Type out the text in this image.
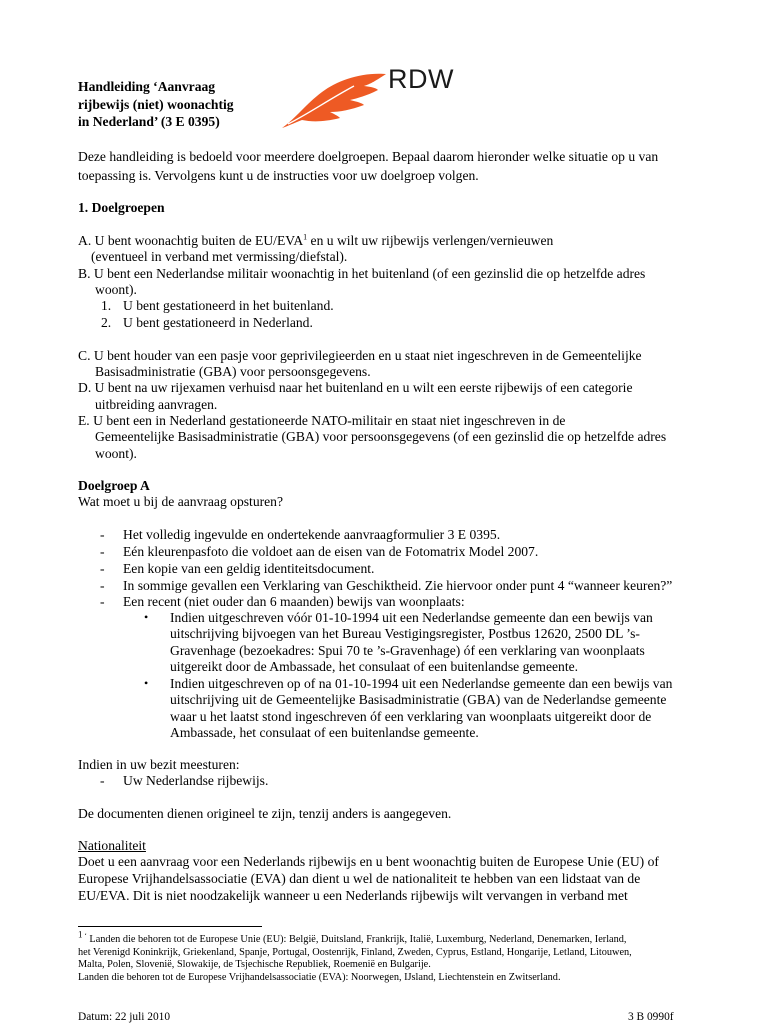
Handleiding ‘Aanvraag
rijbewijs (niet) woonachtig
in Nederland’ (3 E 0395)
RDW
Deze handleiding is bedoeld voor meerdere doelgroepen. Bepaal daarom hieronder welke situatie op u van
toepassing is. Vervolgens kunt u de instructies voor uw doelgroep volgen.
1. Doelgroepen
A. U bent woonachtig buiten de EU/EVA$^1$ en u wilt uw rijbewijs verlengen/vernieuwen
(eventueel in verband met vermissing/diefstal).
B. U bent een Nederlandse militair woonachtig in het buitenland (of een gezinslid die op hetzelfde adres
woont).
1. U bent gestationeerd in het buitenland.
2. U bent gestationeerd in Nederland.
C. U bent houder van een pasje voor geprivilegieerden en u staat niet ingeschreven in de Gemeentelijke
Basisadministratie (GBA) voor persoonsgegevens.
D. U bent na uw rijexamen verhuisd naar het buitenland en u wilt een eerste rijbewijs of een categorie
uitbreiding aanvragen.
E. U bent een in Nederland gestationeerde NATO-militair en staat niet ingeschreven in de
Gemeentelijke Basisadministratie (GBA) voor persoonsgegevens (of een gezinslid die op hetzelfde adres
woont).
Doelgroep A
Wat moet u bij de aanvraag opsturen?
- Het volledig ingevulde en ondertekende aanvraagformulier 3 E 0395.
- Eén kleurenpasfoto die voldoet aan de eisen van de Fotomatrix Model 2007.
- Een kopie van een geldig identiteitsdocument.
- In sommige gevallen een Verklaring van Geschiktheid. Zie hiervoor onder punt 4 “wanneer keuren?”
- Een recent (niet ouder dan 6 maanden) bewijs van woonplaats:
• Indien uitgeschreven vóór 01-10-1994 uit een Nederlandse gemeente dan een bewijs van
uitschrijving bijvoegen van het Bureau Vestigingsregister, Postbus 12620, 2500 DL ’s-
Gravenhage (bezoekadres: Spui 70 te ’s-Gravenhage) óf een verklaring van woonplaats
uitgereikt door de Ambassade, het consulaat of een buitenlandse gemeente.
• Indien uitgeschreven op of na 01-10-1994 uit een Nederlandse gemeente dan een bewijs van
uitschrijving uit de Gemeentelijke Basisadministratie (GBA) van de Nederlandse gemeente
waar u het laatst stond ingeschreven óf een verklaring van woonplaats uitgereikt door de
Ambassade, het consulaat of een buitenlandse gemeente.
Indien in uw bezit meesturen:
- Uw Nederlandse rijbewijs.
De documenten dienen origineel te zijn, tenzij anders is aangegeven.
Nationaliteit
Doet u een aanvraag voor een Nederlands rijbewijs en u bent woonachtig buiten de Europese Unie (EU) of
Europese Vrijhandelsassociatie (EVA) dan dient u wel de nationaliteit te hebben van een lidstaat van de
EU/EVA. Dit is niet noodzakelijk wanneer u een Nederlands rijbewijs wilt vervangen in verband met
$^1$ ‘ Landen die behoren tot de Europese Unie (EU): België, Duitsland, Frankrijk, Italië, Luxemburg, Nederland, Denemarken, Ierland,
het Verenigd Koninkrijk, Griekenland, Spanje, Portugal, Oostenrijk, Finland, Zweden, Cyprus, Estland, Hongarije, Letland, Litouwen,
Malta, Polen, Slovenië, Slowakije, de Tsjechische Republiek, Roemenië en Bulgarije.
Landen die behoren tot de Europese Vrijhandelsassociatie (EVA): Noorwegen, IJsland, Liechtenstein en Zwitserland.
Datum: 22 juli 2010	3 B 0990f
